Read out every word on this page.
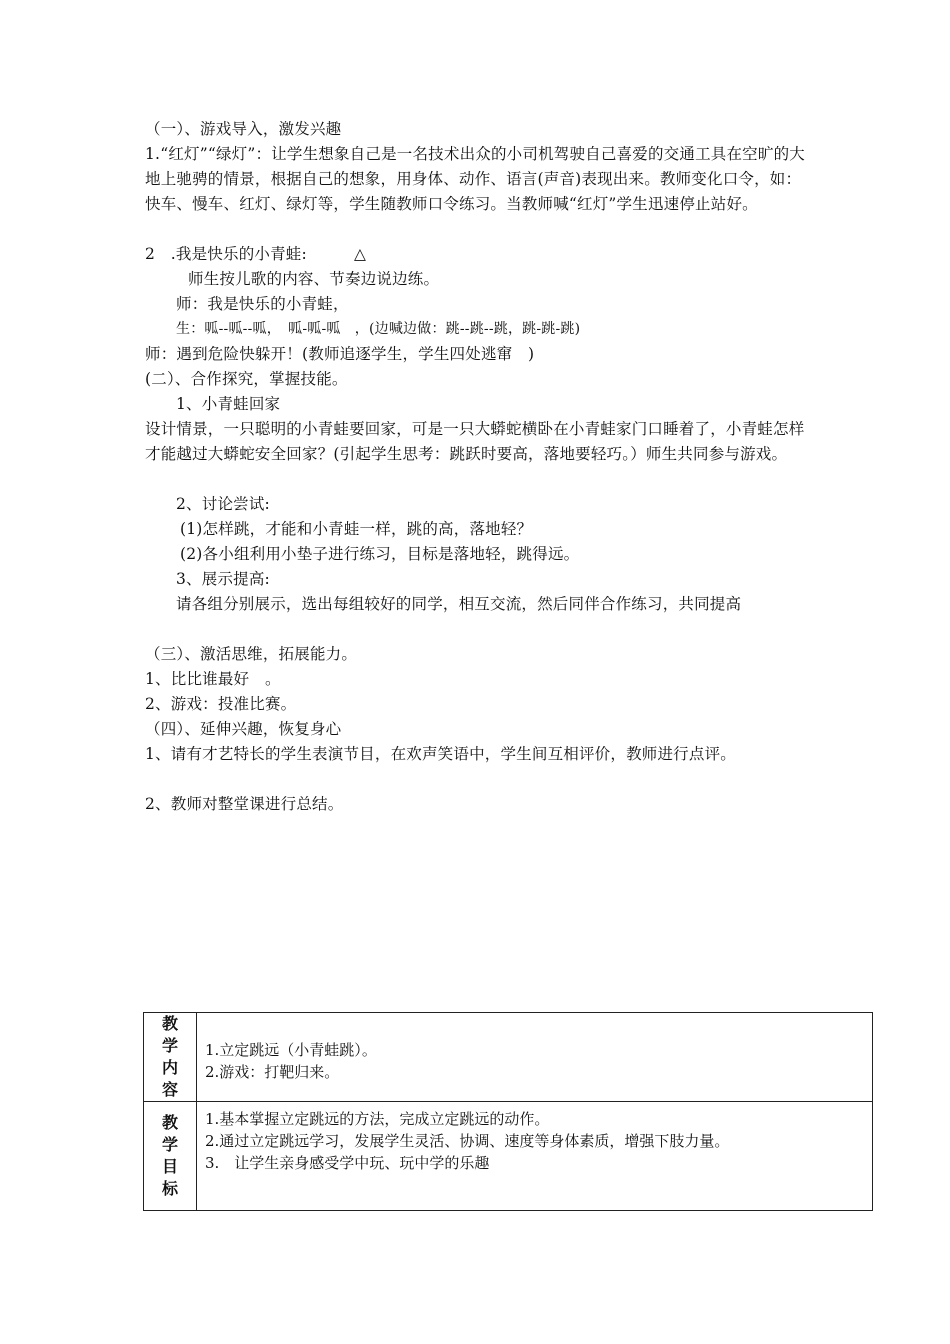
（一）、游戏导入，激发兴趣

1.“红灯”“绿灯”：让学生想象自己是一名技术出众的小司机驾驶自己喜爱的交通工具在空旷的大地上驰骋的情景，根据自己的想象，用身体、动作、语言(声音)表现出来。教师变化口令，如：快车、慢车、红灯、绿灯等，学生随教师口令练习。当教师喊“红灯”学生迅速停止站好。

2　.我是快乐的小青蛙:　　　△

师生按儿歌的内容、节奏边说边练。

师：我是快乐的小青蛙，

生：呱--呱--呱，　呱-呱-呱　，(边喊边做：跳--跳--跳，跳-跳-跳)

师：遇到危险快躲开！(教师追逐学生，学生四处逃窜　)

(二）、合作探究，掌握技能。

1、小青蛙回家

设计情景，一只聪明的小青蛙要回家，可是一只大蟒蛇横卧在小青蛙家门口睡着了，小青蛙怎样才能越过大蟒蛇安全回家？(引起学生思考：跳跃时要高，落地要轻巧。）师生共同参与游戏。

2、讨论尝试:

(1)怎样跳，才能和小青蛙一样，跳的高，落地轻？

(2)各小组利用小垫子进行练习，目标是落地轻，跳得远。

3、展示提高:

请各组分别展示，选出每组较好的同学，相互交流，然后同伴合作练习，共同提高

（三）、激活思维，拓展能力。

1、比比谁最好　。

2、游戏：投准比赛。

（四）、延伸兴趣，恢复身心

1、请有才艺特长的学生表演节目，在欢声笑语中，学生间互相评价，教师进行点评。

2、教师对整堂课进行总结。

教学内容	1.立定跳远（小青蛙跳）。
2.游戏：打靶归来。

教学目标	1.基本掌握立定跳远的方法，完成立定跳远的动作。
2.通过立定跳远学习，发展学生灵活、协调、速度等身体素质，增强下肢力量。
3.　让学生亲身感受学中玩、玩中学的乐趣
